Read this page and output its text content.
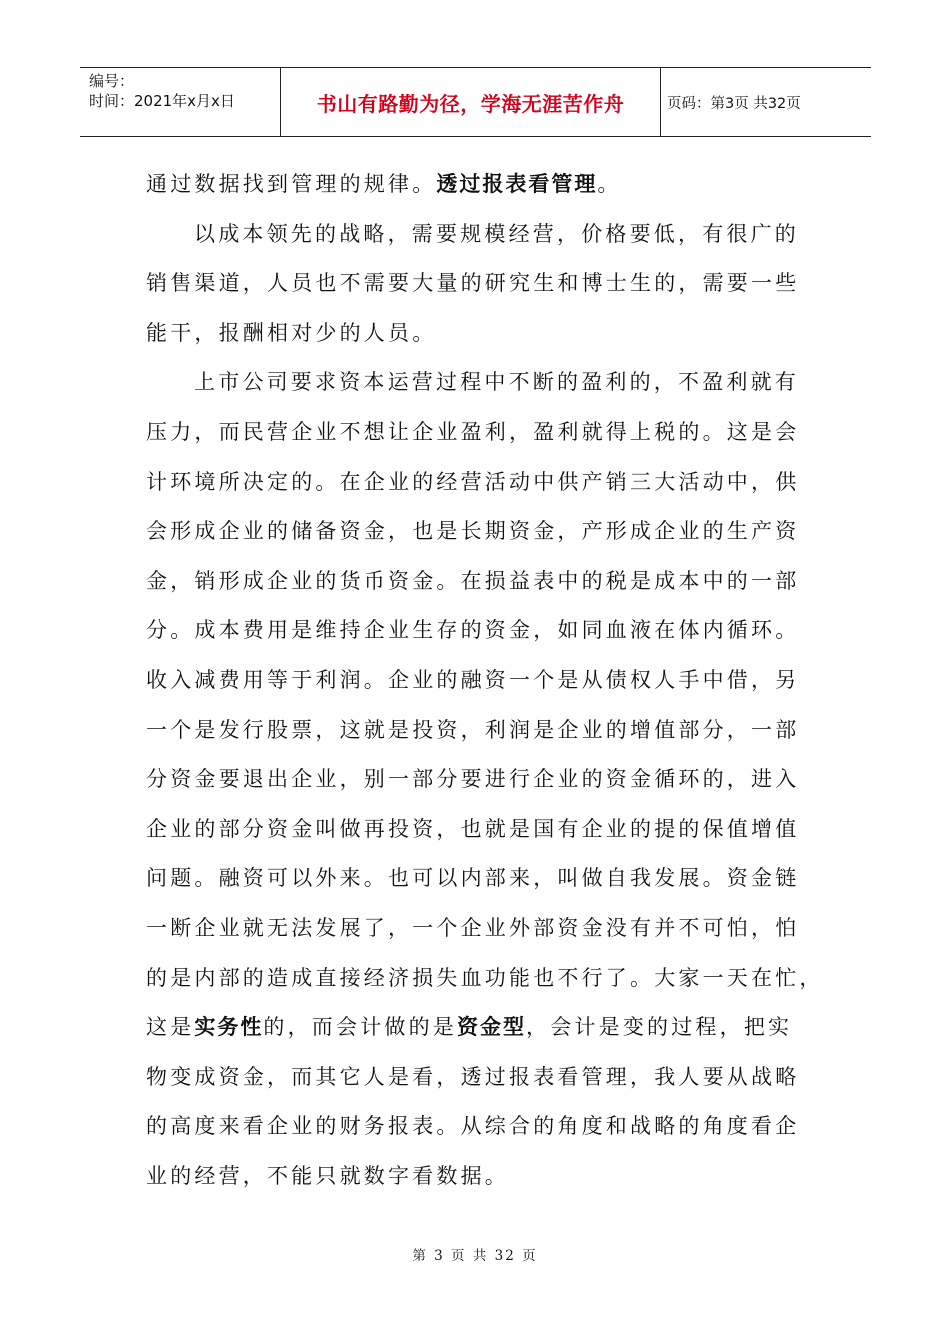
编号：
时间：2021年x月x日	书山有路勤为径，学海无涯苦作舟	页码：第3页 共32页
通过数据找到管理的规律。透过报表看管理。
以成本领先的战略，需要规模经营，价格要低，有很广的
销售渠道，人员也不需要大量的研究生和博士生的，需要一些
能干，报酬相对少的人员。
上市公司要求资本运营过程中不断的盈利的，不盈利就有
压力，而民营企业不想让企业盈利，盈利就得上税的。这是会
计环境所决定的。在企业的经营活动中供产销三大活动中，供
会形成企业的储备资金，也是长期资金，产形成企业的生产资
金，销形成企业的货币资金。在损益表中的税是成本中的一部
分。成本费用是维持企业生存的资金，如同血液在体内循环。
收入减费用等于利润。企业的融资一个是从债权人手中借，另
一个是发行股票，这就是投资，利润是企业的增值部分，一部
分资金要退出企业，别一部分要进行企业的资金循环的，进入
企业的部分资金叫做再投资，也就是国有企业的提的保值增值
问题。融资可以外来。也可以内部来，叫做自我发展。资金链
一断企业就无法发展了，一个企业外部资金没有并不可怕，怕
的是内部的造成直接经济损失血功能也不行了。大家一天在忙，
这是实务性的，而会计做的是资金型，会计是变的过程，把实
物变成资金，而其它人是看，透过报表看管理，我人要从战略
的高度来看企业的财务报表。从综合的角度和战略的角度看企
业的经营，不能只就数字看数据。
第 3 页 共 32 页
